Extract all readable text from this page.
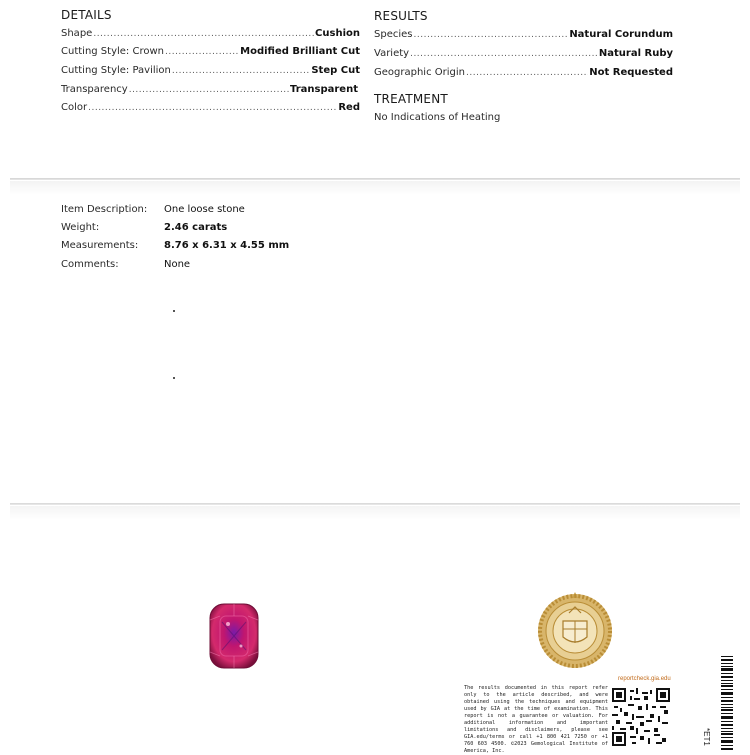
DETAILS
Shape .....	Cushion
Cutting Style: Crown .....	Modified Brilliant Cut
Cutting Style: Pavilion .....	Step Cut
Transparency .....	Transparent
Color .....	Red
RESULTS
Species .....	Natural Corundum
Variety .....	Natural Ruby
Geographic Origin .....	Not Requested
TREATMENT
No Indications of Heating
Item Description: One loose stone
Weight:	2.46 carats
Measurements:	8.76 x 6.31 x 4.55 mm
Comments:	None
reportcheck.gia.edu
The results documented in this report refer only to the article described, and were obtained using the techniques and equipment used by GIA at the time of examination. This report is not a guarantee or valuation. For additional information and important limitations and disclaimers, please see GIA.edu/terms or call +1 800 421 7250 or +1 760 603 4500. ©2023 Gemological Institute of America, Inc.
*ET1
